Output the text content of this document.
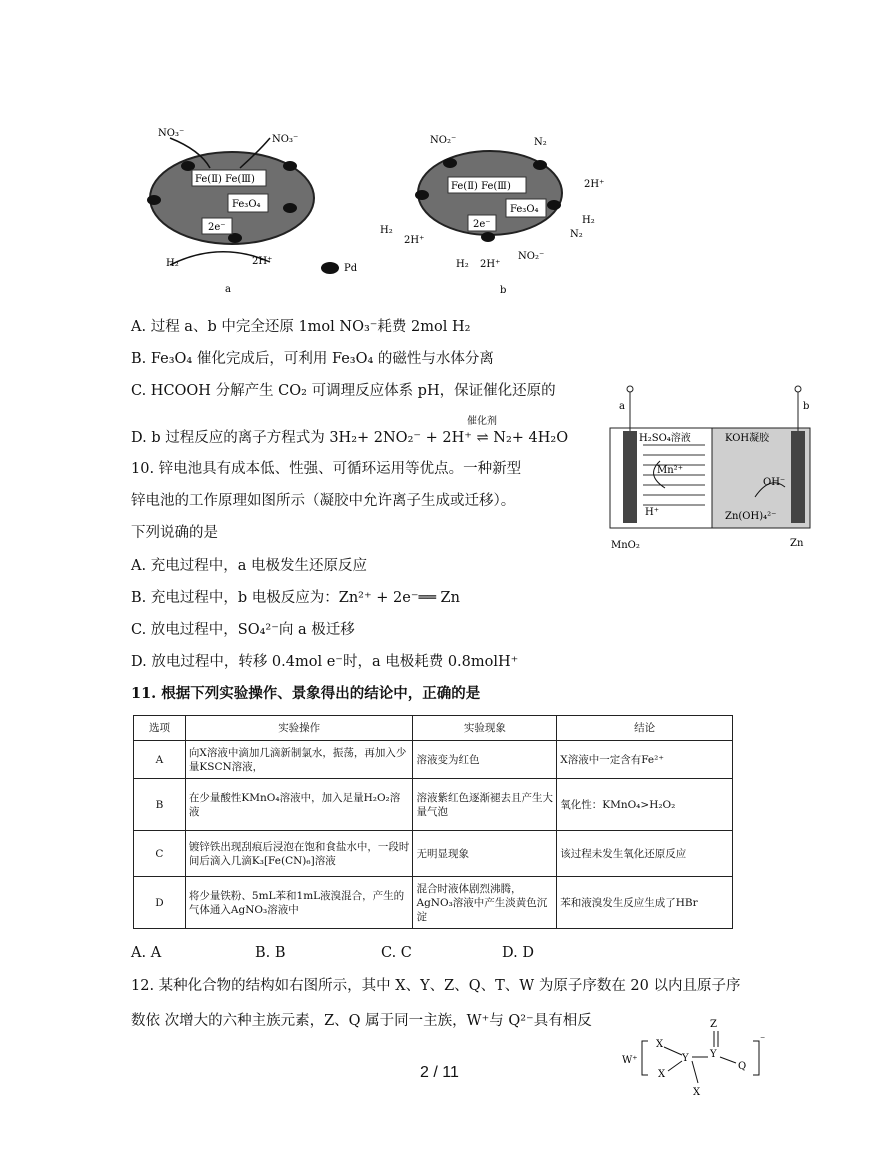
NO₃⁻
NO₃⁻
Fe(Ⅱ) Fe(Ⅲ)
Fe₃O₄
2e⁻
H₂	2H⁺
Pd
a
NO₂⁻	N₂
Fe(Ⅱ) Fe(Ⅲ)
Fe₃O₄
2e⁻
H₂
2H⁺
H₂ 2H⁺
NO₂⁻
N₂
2H⁺
H₂
b
A. 过程 a、b 中完全还原 1mol NO₃⁻耗费 2mol H₂
B. Fe₃O₄ 催化完成后，可利用 Fe₃O₄ 的磁性与水体分离
C. HCOOH 分解产生 CO₂ 可调理反应体系 pH，保证催化还原的
催化剂
D. b 过程反应的离子方程式为 3H₂+ 2NO₂⁻ + 2H⁺ ⇌ N₂+ 4H₂O
a	b
H₂SO₄溶液	KOH凝胶
Mn²⁺
H⁺
OH⁻
Zn(OH)₄²⁻
MnO₂	Zn
10. 锌电池具有成本低、性强、可循环运用等优点。一种新型
锌电池的工作原理如图所示（凝胶中允许离子生成或迁移）。
下列说确的是
A. 充电过程中，a 电极发生还原反应
B. 充电过程中，b 电极反应为：Zn²⁺ + 2e⁻══ Zn
C. 放电过程中，SO₄²⁻向 a 极迁移
D. 放电过程中，转移 0.4mol e⁻时，a 电极耗费 0.8molH⁺
11. 根据下列实验操作、景象得出的结论中，正确的是
选项	实验操作	实验现象	结论
A	向X溶液中滴加几滴新制氯水，振荡，再加入少量KSCN溶液，	溶液变为红色	X溶液中一定含有Fe²⁺
B	在少量酸性KMnO₄溶液中，加入足量H₂O₂溶液	溶液紫红色逐渐褪去且产生大量气泡	氧化性：KMnO₄>H₂O₂
C	镀锌铁出现刮痕后浸泡在饱和食盐水中，一段时间后滴入几滴K₃[Fe(CN)₆]溶液	无明显现象	该过程未发生氧化还原反应
D	将少量铁粉、5mL苯和1mL液溴混合，产生的气体通入AgNO₃溶液中	混合时液体剧烈沸腾，AgNO₃溶液中产生淡黄色沉淀	苯和液溴发生反应生成了HBr
A. A	B. B	C. C	D. D
12. 某种化合物的结构如右图所示，其中 X、Y、Z、Q、T、W 为原子序数在 20 以内且原子序
数依 次增大的六种主族元素，Z、Q 属于同一主族，W⁺与 Q²⁻具有相反
W⁺
X
X
X
Y Y
Z
Q
⁻
2 / 11
